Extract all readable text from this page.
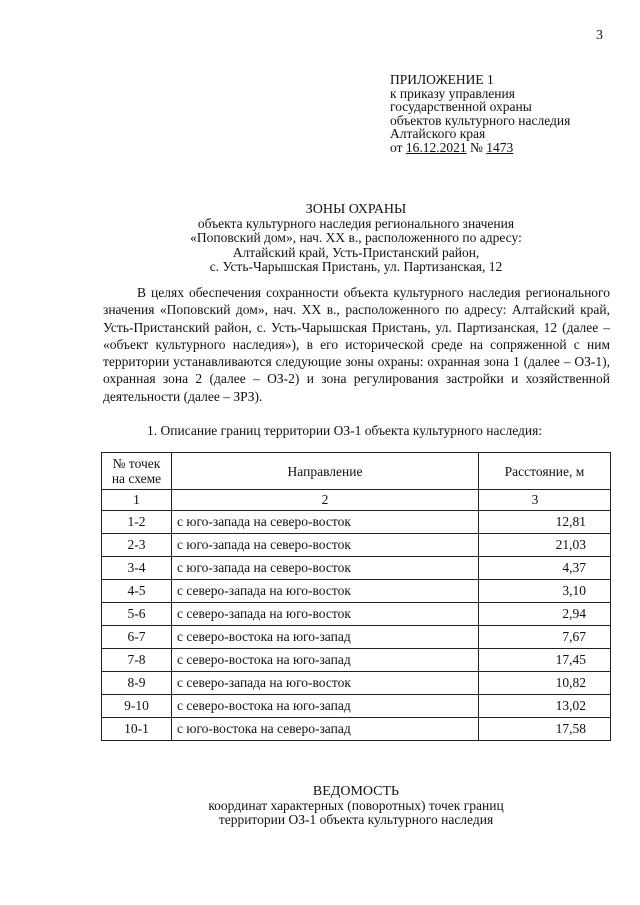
3
ПРИЛОЖЕНИЕ 1
к приказу управления
государственной охраны
объектов культурного наследия
Алтайского края
от 16.12.2021 № 1473
ЗОНЫ ОХРАНЫ
объекта культурного наследия регионального значения
«Поповский дом», нач. XX в., расположенного по адресу:
Алтайский край, Усть-Пристанский район,
с. Усть-Чарышская Пристань, ул. Партизанская, 12
В целях обеспечения сохранности объекта культурного наследия регионального значения «Поповский дом», нач. XX в., расположенного по адресу: Алтайский край, Усть-Пристанский район, с. Усть-Чарышская Пристань, ул. Партизанская, 12 (далее – «объект культурного наследия»), в его исторической среде на сопряженной с ним территории устанавливаются следующие зоны охраны: охранная зона 1 (далее – ОЗ-1), охранная зона 2 (далее – ОЗ-2) и зона регулирования застройки и хозяйственной деятельности (далее – ЗРЗ).
1. Описание границ территории ОЗ-1 объекта культурного наследия:
№ точек на схеме	Направление	Расстояние, м
1	2	3
1-2	с юго-запада на северо-восток	12,81
2-3	с юго-запада на северо-восток	21,03
3-4	с юго-запада на северо-восток	4,37
4-5	с северо-запада на юго-восток	3,10
5-6	с северо-запада на юго-восток	2,94
6-7	с северо-востока на юго-запад	7,67
7-8	с северо-востока на юго-запад	17,45
8-9	с северо-запада на юго-восток	10,82
9-10	с северо-востока на юго-запад	13,02
10-1	с юго-востока на северо-запад	17,58
ВЕДОМОСТЬ
координат характерных (поворотных) точек границ
территории ОЗ-1 объекта культурного наследия
